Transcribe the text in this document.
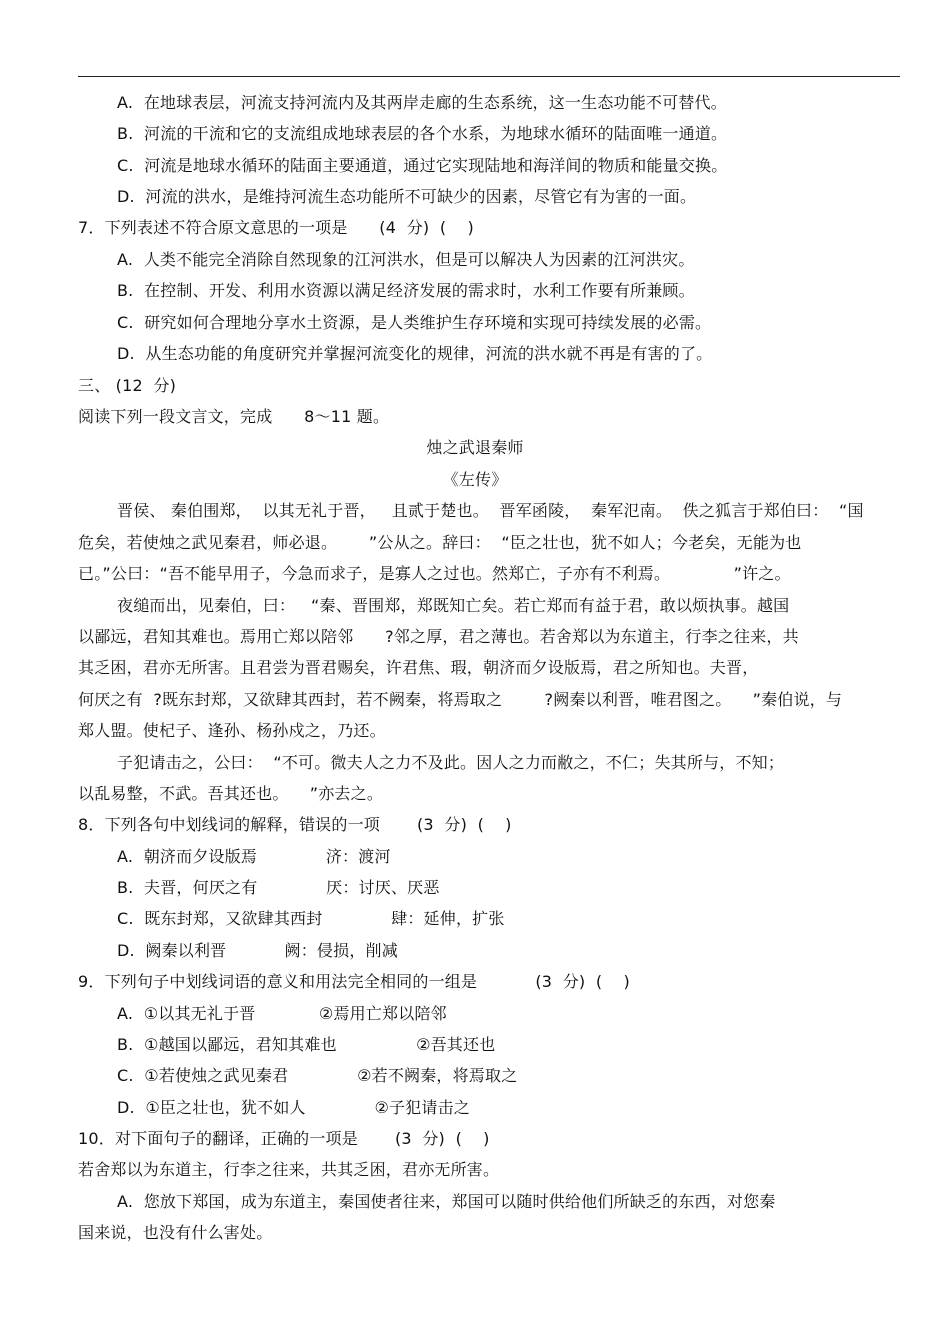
A.  在地球表层，河流支持河流内及其两岸走廊的生态系统，这一生态功能不可替代。
B.  河流的干流和它的支流组成地球表层的各个水系，为地球水循环的陆面唯一通道。
C.  河流是地球水循环的陆面主要通道，通过它实现陆地和海洋间的物质和能量交换。
D.  河流的洪水，是维持河流生态功能所不可缺少的因素，尽管它有为害的一面。
7．下列表述不符合原文意思的一项是      (4  分)  (    )
A.  人类不能完全消除自然现象的江河洪水，但是可以解决人为因素的江河洪灾。
B.  在控制、开发、利用水资源以满足经济发展的需求时，水利工作要有所兼顾。
C.  研究如何合理地分享水土资源，是人类维护生存环境和实现可持续发展的必需。
D.  从生态功能的角度研究并掌握河流变化的规律，河流的洪水就不再是有害的了。
三、 (12  分)
阅读下列一段文言文，完成      8～11 题。
烛之武退秦师
《左传》
晋侯、 秦伯围郑，  以其无礼于晋，   且贰于楚也。  晋军函陵，  秦军氾南。  佚之狐言于郑伯曰：  “国
危矣，若使烛之武见秦君，师必退。      ”公从之。辞曰：  “臣之壮也，犹不如人；今老矣，无能为也
已。”公曰：“吾不能早用子，今急而求子，是寡人之过也。然郑亡，子亦有不利焉。            ”许之。
夜缒而出，见秦伯，曰：   “秦、晋围郑，郑既知亡矣。若亡郑而有益于君，敢以烦执事。越国
以鄙远，君知其难也。焉用亡郑以陪邻      ?邻之厚，君之薄也。若舍郑以为东道主，行李之往来，共
其乏困，君亦无所害。且君尝为晋君赐矣，许君焦、瑕，朝济而夕设版焉，君之所知也。夫晋，
何厌之有  ?既东封郑，又欲肆其西封，若不阙秦，将焉取之        ?阙秦以利晋，唯君图之。    ”秦伯说，与
郑人盟。使杞子、逢孙、杨孙戍之，乃还。
子犯请击之，公曰：  “不可。微夫人之力不及此。因人之力而敝之，不仁；失其所与，不知；
以乱易整，不武。吾其还也。    ”亦去之。
8．下列各句中划线词的解释，错误的一项       (3  分)  (    )
A.  朝济而夕设版焉             济：渡河
B.  夫晋，何厌之有             厌：讨厌、厌恶
C.  既东封郑，又欲肆其西封             肆：延伸，扩张
D.  阙秦以利晋           阙：侵损，削减
9．下列句子中划线词语的意义和用法完全相同的一组是           (3  分)  (    )
A.  ①以其无礼于晋            ②焉用亡郑以陪邻
B.  ①越国以鄙远，君知其难也               ②吾其还也
C.  ①若使烛之武见秦君             ②若不阙秦，将焉取之
D.  ①臣之壮也，犹不如人             ②子犯请击之
10．对下面句子的翻译，正确的一项是       (3  分)  (    )
若舍郑以为东道主，行李之往来，共其乏困，君亦无所害。
A.  您放下郑国，成为东道主，秦国使者往来，郑国可以随时供给他们所缺乏的东西，对您秦
国来说，也没有什么害处。
